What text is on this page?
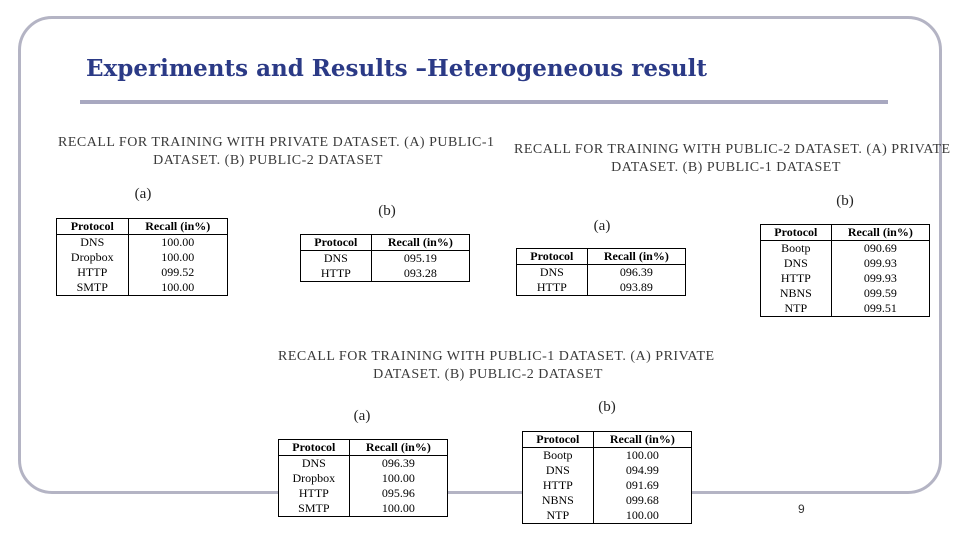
Experiments and Results –Heterogeneous result
RECALL FOR TRAINING WITH PRIVATE DATASET. (A) PUBLIC-1
DATASET. (B) PUBLIC-2 DATASET
(a)
Protocol	Recall (in%)
DNS	100.00
Dropbox	100.00
HTTP	099.52
SMTP	100.00
(b)
Protocol	Recall (in%)
DNS	095.19
HTTP	093.28
RECALL FOR TRAINING WITH PUBLIC-2 DATASET. (A) PRIVATE
DATASET. (B) PUBLIC-1 DATASET
(a)
Protocol	Recall (in%)
DNS	096.39
HTTP	093.89
(b)
Protocol	Recall (in%)
Bootp	090.69
DNS	099.93
HTTP	099.93
NBNS	099.59
NTP	099.51
RECALL FOR TRAINING WITH PUBLIC-1 DATASET. (A) PRIVATE
DATASET. (B) PUBLIC-2 DATASET
(a)
Protocol	Recall (in%)
DNS	096.39
Dropbox	100.00
HTTP	095.96
SMTP	100.00
(b)
Protocol	Recall (in%)
Bootp	100.00
DNS	094.99
HTTP	091.69
NBNS	099.68
NTP	100.00	9
